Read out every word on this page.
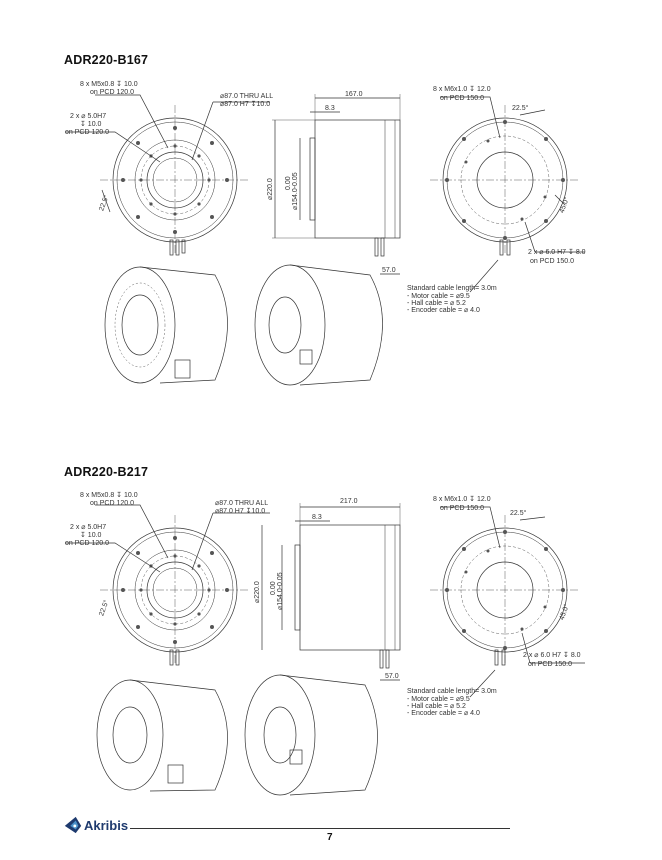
ADR220-B167
8 x M5x0.8 ↧ 10.0
on PCD 120.0
2 x ⌀ 5.0H7
↧ 10.0
on PCD 120.0
⌀87.0 THRU ALL
⌀87.0 H7 ↧10.0
22.5°
167.0
8.3
0.00 ⌀154.0-0.05
⌀220.0
57.0
8 x M6x1.0 ↧ 12.0
on PCD 150.0
22.5°
45.0°
2 x ⌀ 6.0 H7 ↧ 8.0
on PCD 150.0
Standard cable length= 3.0m
- Motor cable = ⌀9.5
- Hall cable = ⌀ 5.2
- Encoder cable = ⌀ 4.0
ADR220-B217
8 x M5x0.8 ↧ 10.0
on PCD 120.0
2 x ⌀ 5.0H7
↧ 10.0
on PCD 120.0
⌀87.0 THRU ALL
⌀87.0 H7 ↧10.0
22.5°
217.0
8.3
0.00 ⌀154.0-0.05
⌀220.0
57.0
8 x M6x1.0 ↧ 12.0
on PCD 150.0
22.5°
45.0°
2 x ⌀ 6.0 H7 ↧ 8.0
on PCD 150.0
Standard cable length= 3.0m
- Motor cable = ⌀9.5
- Hall cable = ⌀ 5.2
- Encoder cable = ⌀ 4.0
Akribis
7
